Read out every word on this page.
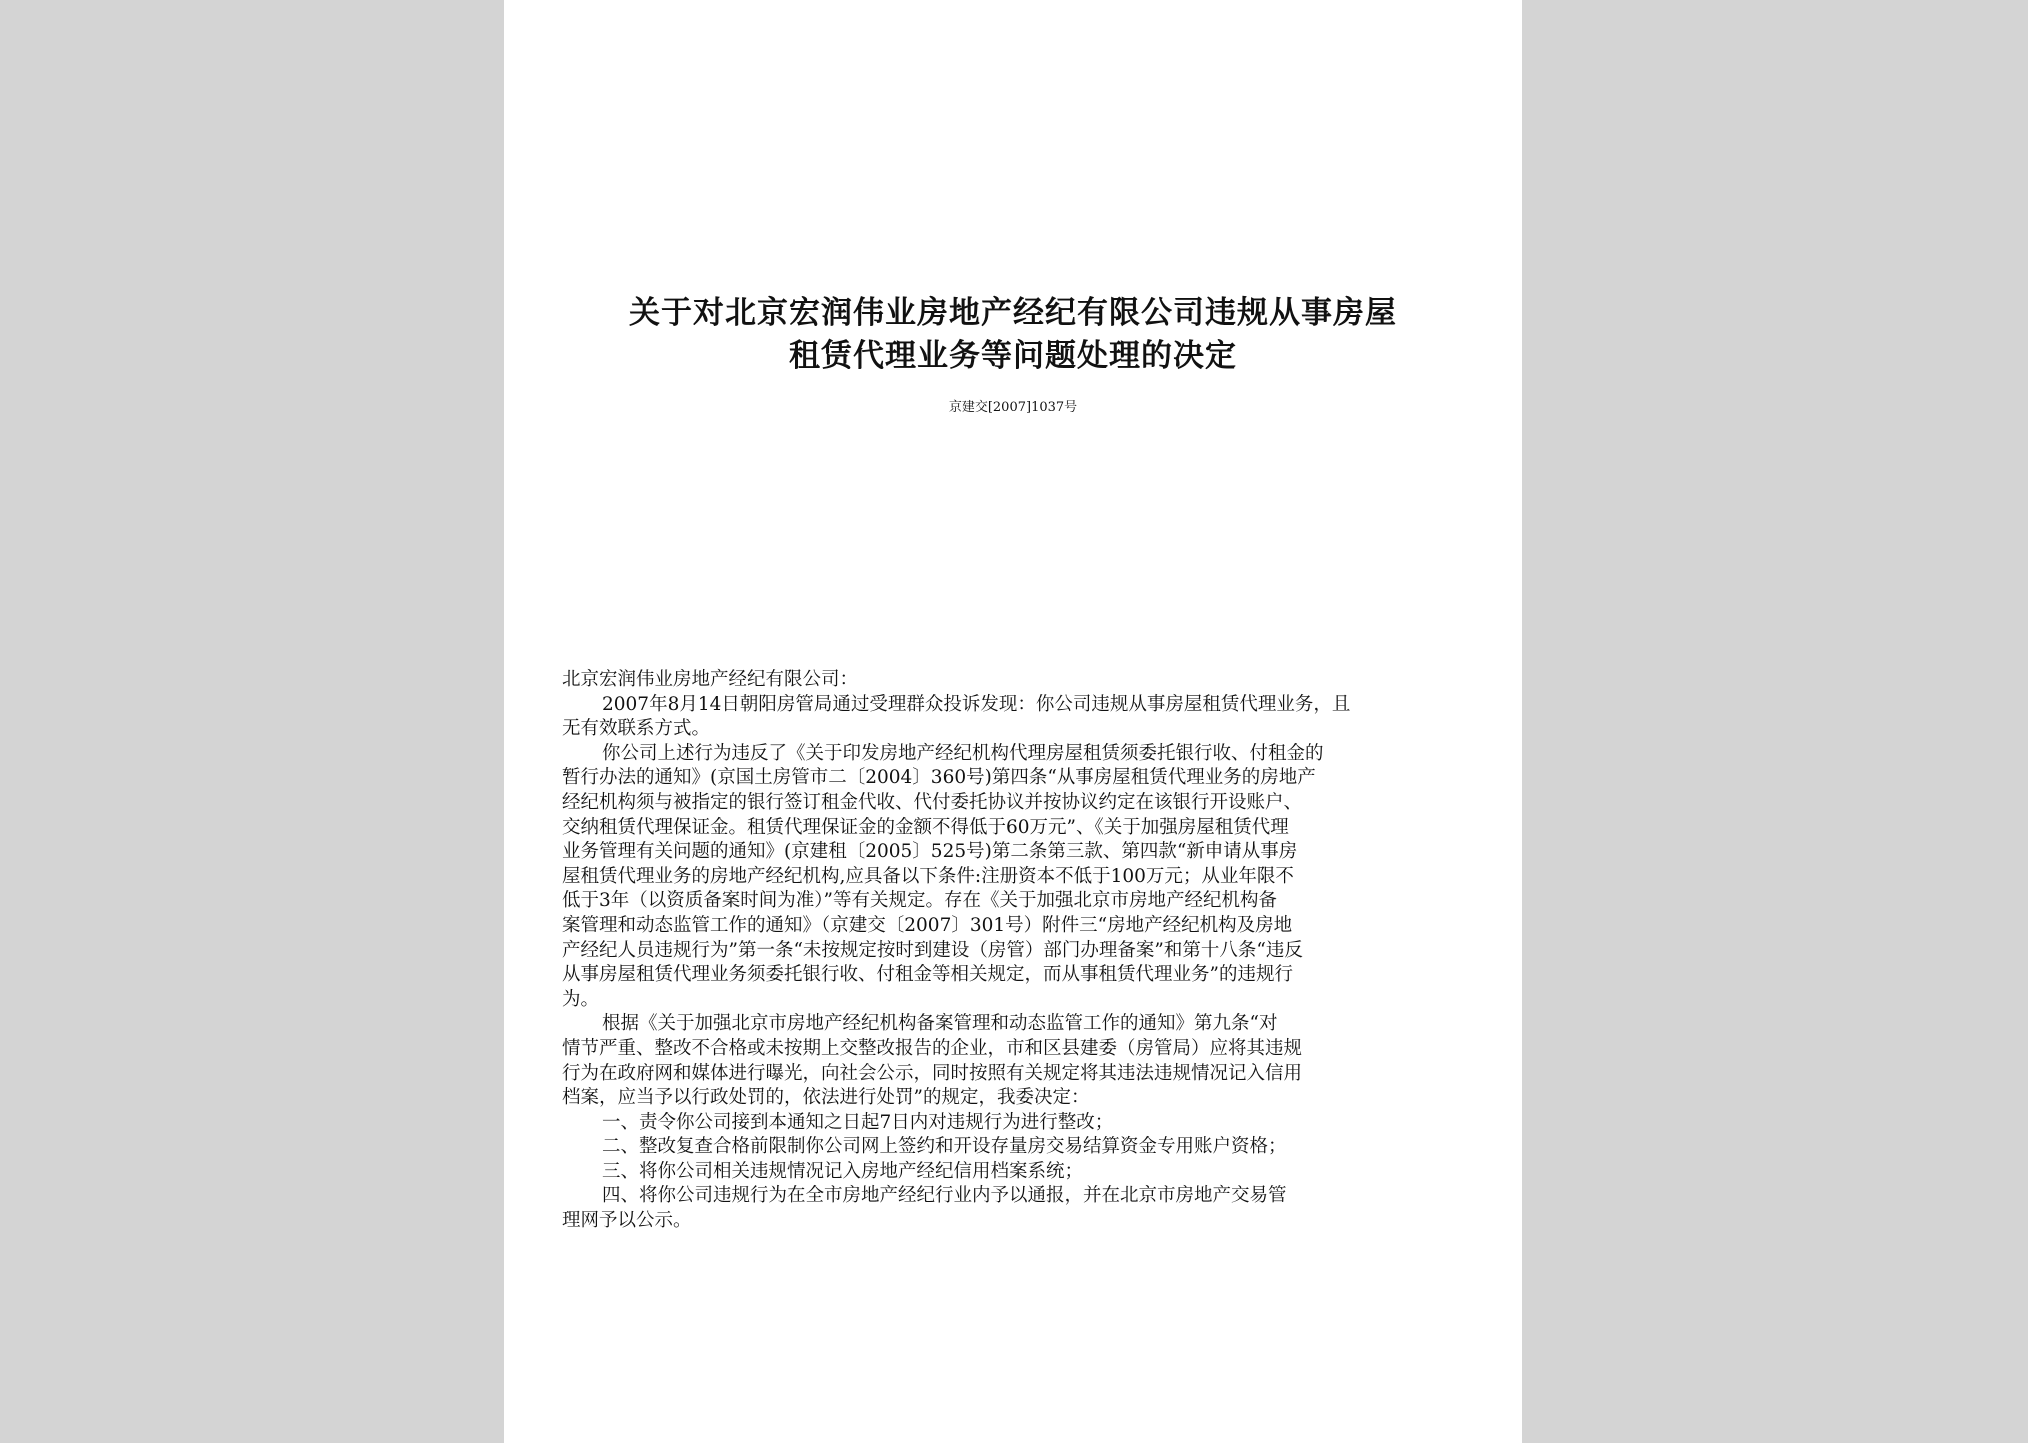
关于对北京宏润伟业房地产经纪有限公司违规从事房屋
租赁代理业务等问题处理的决定
京建交[2007]1037号
北京宏润伟业房地产经纪有限公司：
2007年8月14日朝阳房管局通过受理群众投诉发现：你公司违规从事房屋租赁代理业务，且
无有效联系方式。
你公司上述行为违反了《关于印发房地产经纪机构代理房屋租赁须委托银行收、付租金的
暂行办法的通知》(京国土房管市二〔2004〕360号)第四条“从事房屋租赁代理业务的房地产
经纪机构须与被指定的银行签订租金代收、代付委托协议并按协议约定在该银行开设账户、
交纳租赁代理保证金。租赁代理保证金的金额不得低于60万元”、《关于加强房屋租赁代理
业务管理有关问题的通知》(京建租〔2005〕525号)第二条第三款、第四款“新申请从事房
屋租赁代理业务的房地产经纪机构,应具备以下条件:注册资本不低于100万元；从业年限不
低于3年（以资质备案时间为准）”等有关规定。存在《关于加强北京市房地产经纪机构备
案管理和动态监管工作的通知》（京建交〔2007〕301号）附件三“房地产经纪机构及房地
产经纪人员违规行为”第一条“未按规定按时到建设（房管）部门办理备案”和第十八条“违反
从事房屋租赁代理业务须委托银行收、付租金等相关规定，而从事租赁代理业务”的违规行
为。
根据《关于加强北京市房地产经纪机构备案管理和动态监管工作的通知》第九条“对
情节严重、整改不合格或未按期上交整改报告的企业，市和区县建委（房管局）应将其违规
行为在政府网和媒体进行曝光，向社会公示，同时按照有关规定将其违法违规情况记入信用
档案，应当予以行政处罚的，依法进行处罚”的规定，我委决定：
一、责令你公司接到本通知之日起7日内对违规行为进行整改；
二、整改复查合格前限制你公司网上签约和开设存量房交易结算资金专用账户资格；
三、将你公司相关违规情况记入房地产经纪信用档案系统；
四、将你公司违规行为在全市房地产经纪行业内予以通报，并在北京市房地产交易管
理网予以公示。
